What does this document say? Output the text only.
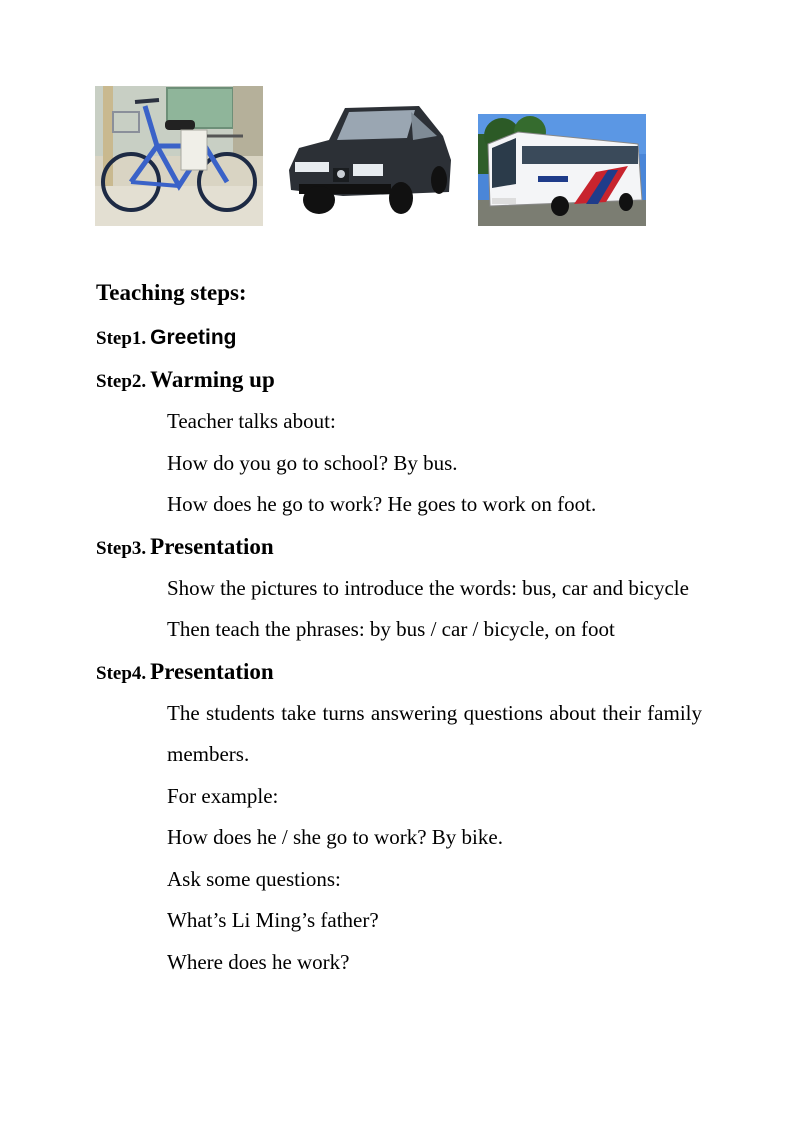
Teaching steps:
Step1. Greeting
Step2. Warming up
Teacher talks about:
How do you go to school? By bus.
How does he go to work? He goes to work on foot.
Step3. Presentation
Show the pictures to introduce the words: bus, car and bicycle
Then teach the phrases: by bus / car / bicycle, on foot
Step4. Presentation
The students take turns answering questions about their family members.
For example:
How does he / she go to work? By bike.
Ask some questions:
What’s Li Ming’s father?
Where does he work?
